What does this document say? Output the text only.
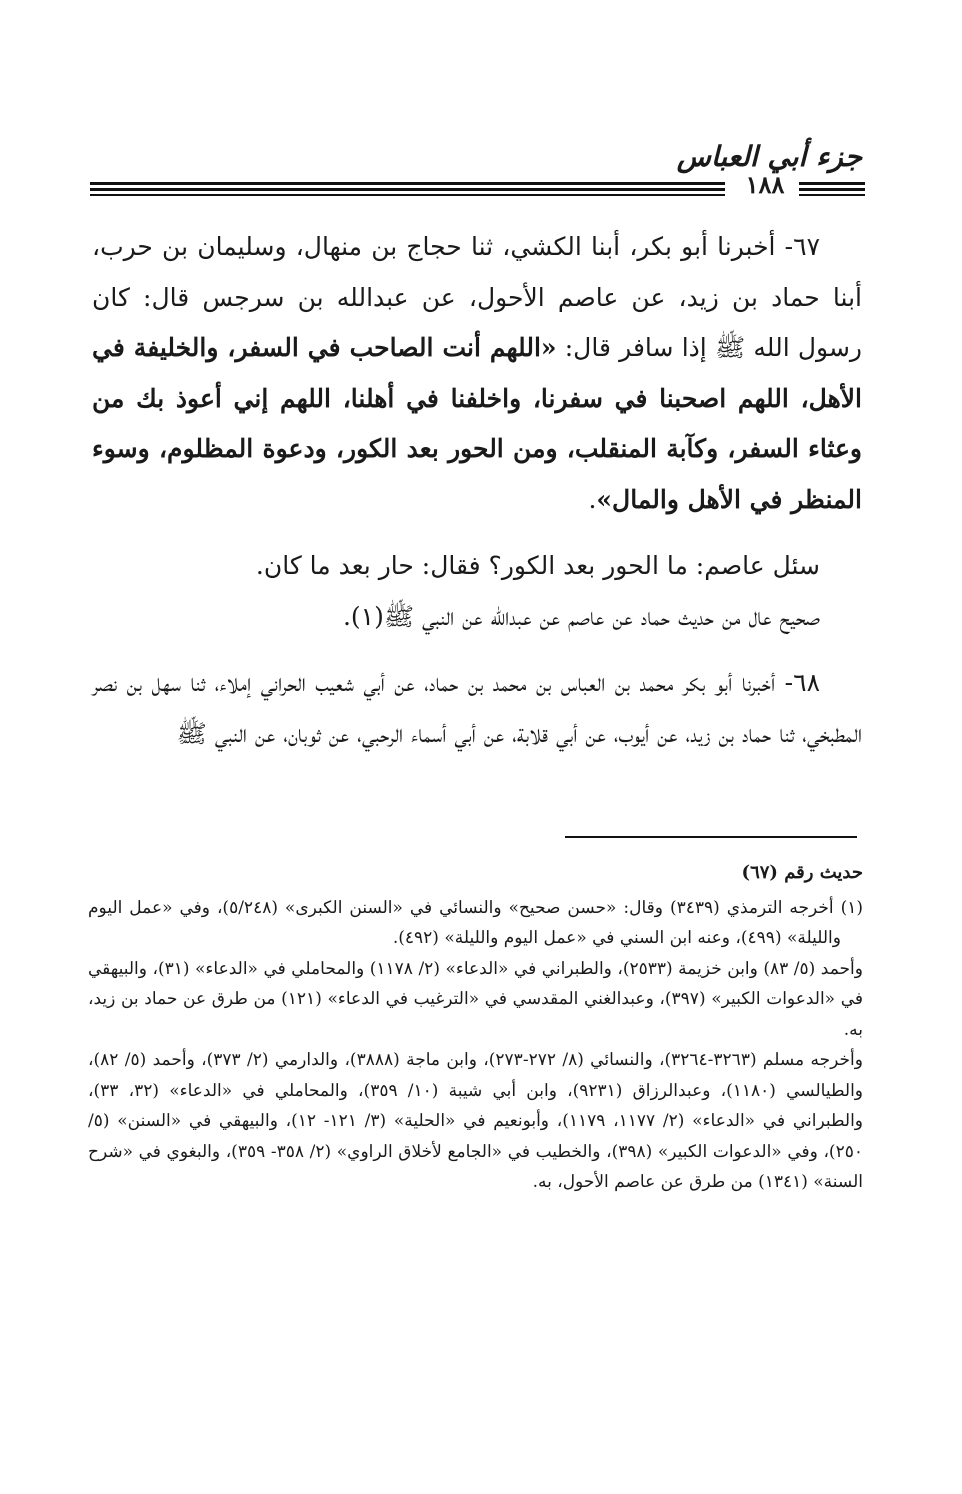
جزء أبي العباس
١٨٨

٦٧- أخبرنا أبو بكر، أبنا الكشي، ثنا حجاج بن منهال، وسليمان بن حرب، أبنا حماد بن زيد، عن عاصم الأحول، عن عبدالله بن سرجس قال: كان رسول الله ﷺ إذا سافر قال: «اللهم أنت الصاحب في السفر، والخليفة في الأهل، اللهم اصحبنا في سفرنا، واخلفنا في أهلنا، اللهم إني أعوذ بك من وعثاء السفر، وكآبة المنقلب، ومن الحور بعد الكور، ودعوة المظلوم، وسوء المنظر في الأهل والمال».

سئل عاصم: ما الحور بعد الكور؟ فقال: حار بعد ما كان.

صحيح عال من حديث حماد عن عاصم عن عبدالله عن النبي ﷺ(١).

٦٨- أخبرنا أبو بكر محمد بن العباس بن محمد بن حماد، عن أبي شعيب الحراني إملاء، ثنا سهل بن نصر المطبخي، ثنا حماد بن زيد، عن أيوب، عن أبي قلابة، عن أبي أسماء الرحبي، عن ثوبان، عن النبي ﷺ

حديث رقم (٦٧)

(١) أخرجه الترمذي (٣٤٣٩) وقال: «حسن صحيح» والنسائي في «السنن الكبرى» (٥/٢٤٨)، وفي «عمل اليوم والليلة» (٤٩٩)، وعنه ابن السني في «عمل اليوم والليلة» (٤٩٢).

وأحمد (٥/ ٨٣) وابن خزيمة (٢٥٣٣)، والطبراني في «الدعاء» (٢/ ١١٧٨) والمحاملي في «الدعاء» (٣١)، والبيهقي في «الدعوات الكبير» (٣٩٧)، وعبدالغني المقدسي في «الترغيب في الدعاء» (١٢١) من طرق عن حماد بن زيد، به.

وأخرجه مسلم (٣٢٦٣-٣٢٦٤)، والنسائي (٨/ ٢٧٢-٢٧٣)، وابن ماجة (٣٨٨٨)، والدارمي (٢/ ٣٧٣)، وأحمد (٥/ ٨٢)، والطيالسي (١١٨٠)، وعبدالرزاق (٩٢٣١)، وابن أبي شيبة (١٠/ ٣٥٩)، والمحاملي في «الدعاء» (٣٢، ٣٣)، والطبراني في «الدعاء» (٢/ ١١٧٧، ١١٧٩)، وأبونعيم في «الحلية» (٣/ ١٢١- ١٢)، والبيهقي في «السنن» (٥/ ٢٥٠)، وفي «الدعوات الكبير» (٣٩٨)، والخطيب في «الجامع لأخلاق الراوي» (٢/ ٣٥٨- ٣٥٩)، والبغوي في «شرح السنة» (١٣٤١) من طرق عن عاصم الأحول، به.
